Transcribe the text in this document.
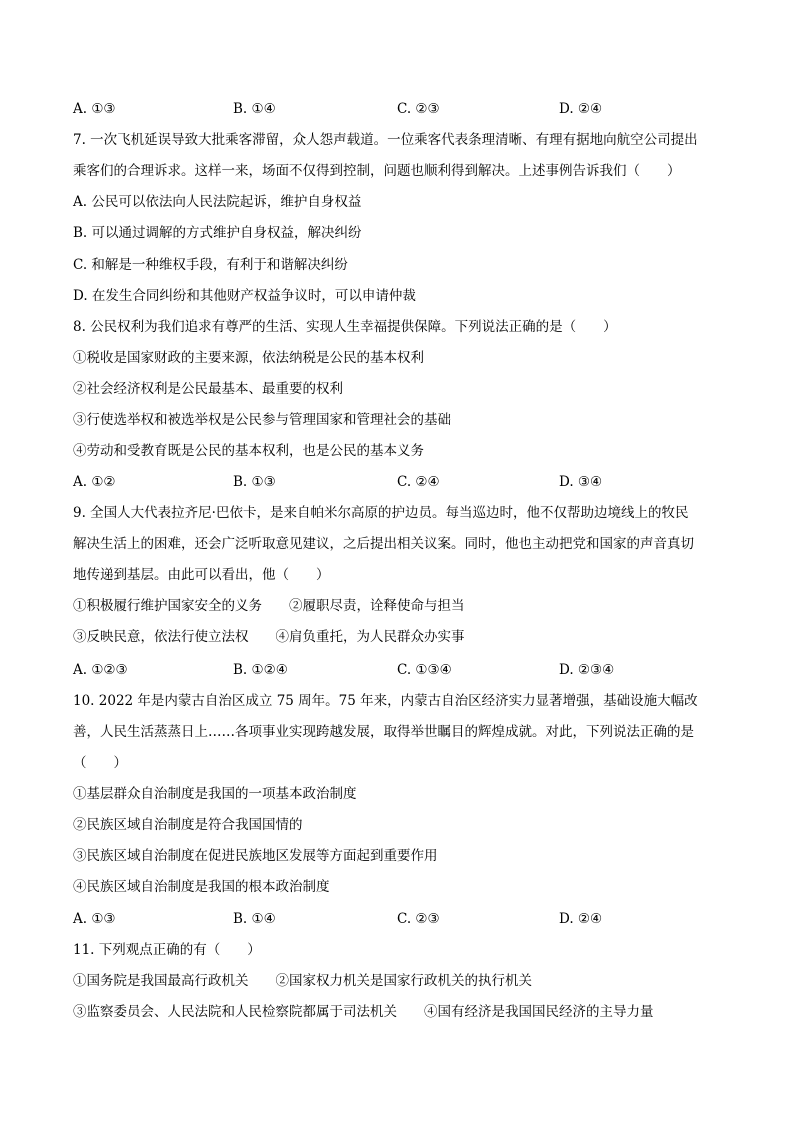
A. ①③	B. ①④	C. ②③	D. ②④
7. 一次飞机延误导致大批乘客滞留，众人怨声载道。一位乘客代表条理清晰、有理有据地向航空公司提出
乘客们的合理诉求。这样一来，场面不仅得到控制，问题也顺利得到解决。上述事例告诉我们（　　）
A. 公民可以依法向人民法院起诉，维护自身权益
B. 可以通过调解的方式维护自身权益，解决纠纷
C. 和解是一种维权手段，有利于和谐解决纠纷
D. 在发生合同纠纷和其他财产权益争议时，可以申请仲裁
8. 公民权利为我们追求有尊严的生活、实现人生幸福提供保障。下列说法正确的是（　　）
①税收是国家财政的主要来源，依法纳税是公民的基本权利
②社会经济权利是公民最基本、最重要的权利
③行使选举权和被选举权是公民参与管理国家和管理社会的基础
④劳动和受教育既是公民的基本权利，也是公民的基本义务
A. ①②	B. ①③	C. ②④	D. ③④
9. 全国人大代表拉齐尼·巴依卡，是来自帕米尔高原的护边员。每当巡边时，他不仅帮助边境线上的牧民
解决生活上的困难，还会广泛听取意见建议，之后提出相关议案。同时，他也主动把党和国家的声音真切
地传递到基层。由此可以看出，他（　　）
①积极履行维护国家安全的义务　　②履职尽责，诠释使命与担当
③反映民意，依法行使立法权　　④肩负重托，为人民群众办实事
A. ①②③	B. ①②④	C. ①③④	D. ②③④
10. 2022 年是内蒙古自治区成立 75 周年。75 年来，内蒙古自治区经济实力显著增强，基础设施大幅改
善，人民生活蒸蒸日上……各项事业实现跨越发展，取得举世瞩目的辉煌成就。对此，下列说法正确的是
（　　）
①基层群众自治制度是我国的一项基本政治制度
②民族区域自治制度是符合我国国情的
③民族区域自治制度在促进民族地区发展等方面起到重要作用
④民族区域自治制度是我国的根本政治制度
A. ①③	B. ①④	C. ②③	D. ②④
11. 下列观点正确的有（　　）
①国务院是我国最高行政机关　　②国家权力机关是国家行政机关的执行机关
③监察委员会、人民法院和人民检察院都属于司法机关　　④国有经济是我国国民经济的主导力量
